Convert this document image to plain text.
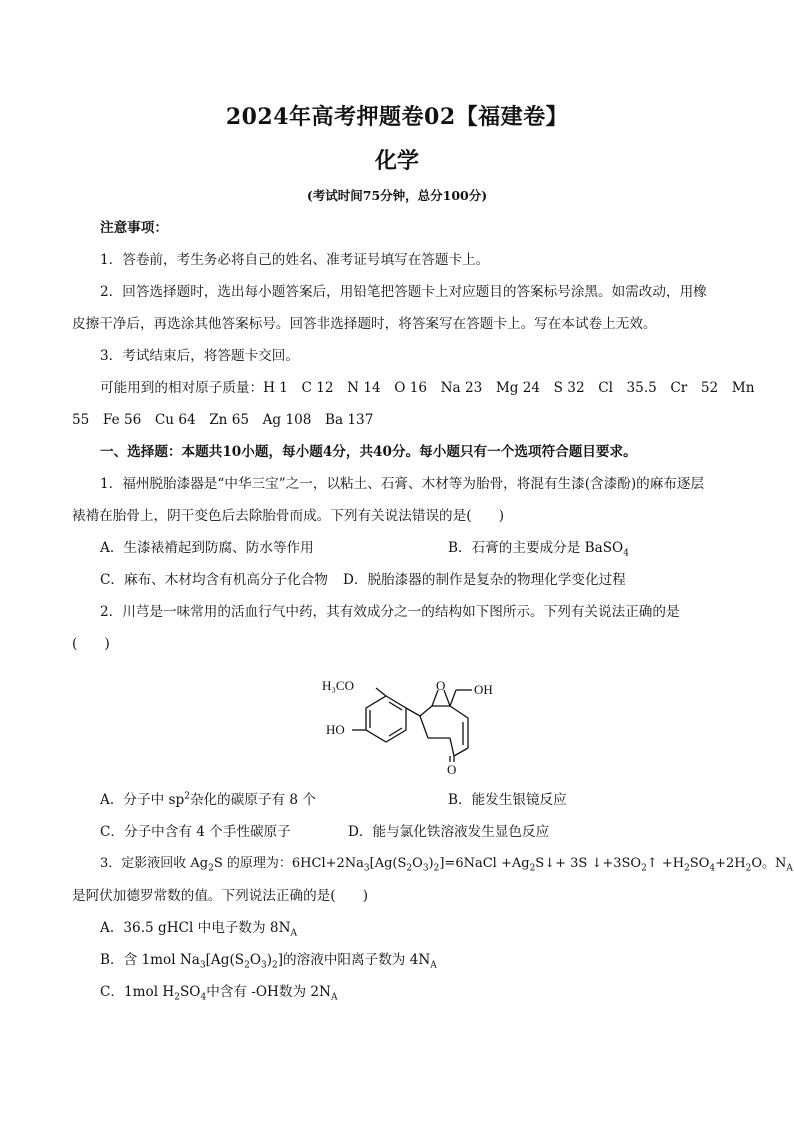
2024年高考押题卷02【福建卷】
化学
(考试时间75分钟，总分100分)
注意事项：
1．答卷前，考生务必将自己的姓名、准考证号填写在答题卡上。
2．回答选择题时，选出每小题答案后，用铅笔把答题卡上对应题目的答案标号涂黑。如需改动，用橡
皮擦干净后，再选涂其他答案标号。回答非选择题时，将答案写在答题卡上。写在本试卷上无效。
3．考试结束后，将答题卡交回。
可能用到的相对原子质量：H 1　C 12　N 14　O 16　Na 23　Mg 24　S 32　Cl　35.5　Cr　52　Mn
55　Fe 56　Cu 64　Zn 65　Ag 108　Ba 137
一、选择题：本题共10小题，每小题4分，共40分。每小题只有一个选项符合题目要求。
1．福州脱胎漆器是“中华三宝”之一，以粘土、石膏、木材等为胎骨，将混有生漆(含漆酚)的麻布逐层
裱褙在胎骨上，阴干变色后去除胎骨而成。下列有关说法错误的是(　　)
A．生漆裱褙起到防腐、防水等作用	B．石膏的主要成分是 BaSO$_4$
C．麻布、木材均含有机高分子化合物 D．脱胎漆器的制作是复杂的物理化学变化过程
2．川芎是一味常用的活血行气中药，其有效成分之一的结构如下图所示。下列有关说法正确的是
(　　)
H₃CO
HO
O OH
O
A．分子中 $sp^2$杂化的碳原子有 8 个	B．能发生银镜反应
C．分子中含有 4 个手性碳原子	D．能与氯化铁溶液发生显色反应
3．定影液回收 $Ag_2S$ 的原理为：$6HCl+2Na_3[Ag(S_2O_3)_2]=6NaCl$ $+Ag_2S↓+ 3S$ $↓+3SO_2↑ +H_2SO_4+2H_2O$。$N_A$
是阿伏加德罗常数的值。下列说法正确的是(　　)
A．36.5 gHCl 中电子数为 $8N_A$
B．含 1mol $Na_3[Ag(S_2O_3)_2]$的溶液中阳离子数为 $4N_A$
C．1mol $H_2SO_4$中含有 -OH数为 $2N_A$
